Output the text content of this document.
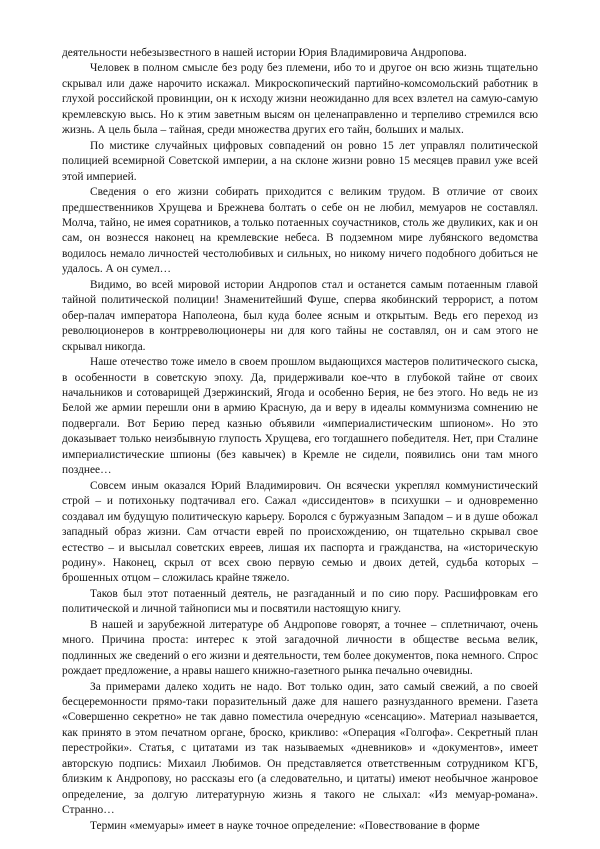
деятельности небезызвестного в нашей истории Юрия Владимировича Андропова.

Человек в полном смысле без роду без племени, ибо то и другое он всю жизнь тщательно скрывал или даже нарочито искажал. Микроскопический партийно-комсомольский работник в глухой российской провинции, он к исходу жизни неожиданно для всех взлетел на самую-самую кремлевскую высь. Но к этим заветным высям он целенаправленно и терпеливо стремился всю жизнь. А цель была – тайная, среди множества других его тайн, больших и малых.

По мистике случайных цифровых совпадений он ровно 15 лет управлял политической полицией всемирной Советской империи, а на склоне жизни ровно 15 месяцев правил уже всей этой империей.

Сведения о его жизни собирать приходится с великим трудом. В отличие от своих предшественников Хрущева и Брежнева болтать о себе он не любил, мемуаров не составлял. Молча, тайно, не имея соратников, а только потаенных соучастников, столь же двуликих, как и он сам, он вознесся наконец на кремлевские небеса. В подземном мире лубянского ведомства водилось немало личностей честолюбивых и сильных, но никому ничего подобного добиться не удалось. А он сумел…

Видимо, во всей мировой истории Андропов стал и останется самым потаенным главой тайной политической полиции! Знаменитейший Фуше, сперва якобинский террорист, а потом обер-палач императора Наполеона, был куда более ясным и открытым. Ведь его переход из революционеров в контрреволюционеры ни для кого тайны не составлял, он и сам этого не скрывал никогда.

Наше отечество тоже имело в своем прошлом выдающихся мастеров политического сыска, в особенности в советскую эпоху. Да, придерживали кое-что в глубокой тайне от своих начальников и сотоварищей Дзержинский, Ягода и особенно Берия, не без этого. Но ведь не из Белой же армии перешли они в армию Красную, да и веру в идеалы коммунизма сомнению не подвергали. Вот Берию перед казнью объявили «империалистическим шпионом». Но это доказывает только неизбывную глупость Хрущева, его тогдашнего победителя. Нет, при Сталине империалистические шпионы (без кавычек) в Кремле не сидели, появились они там много позднее…

Совсем иным оказался Юрий Владимирович. Он всячески укреплял коммунистический строй – и потихоньку подтачивал его. Сажал «диссидентов» в психушки – и одновременно создавал им будущую политическую карьеру. Боролся с буржуазным Западом – и в душе обожал западный образ жизни. Сам отчасти еврей по происхождению, он тщательно скрывал свое естество – и высылал советских евреев, лишая их паспорта и гражданства, на «историческую родину». Наконец, скрыл от всех свою первую семью и двоих детей, судьба которых – брошенных отцом – сложилась крайне тяжело.

Таков был этот потаенный деятель, не разгаданный и по сию пору. Расшифровкам его политической и личной тайнописи мы и посвятили настоящую книгу.

В нашей и зарубежной литературе об Андропове говорят, а точнее – сплетничают, очень много. Причина проста: интерес к этой загадочной личности в обществе весьма велик, подлинных же сведений о его жизни и деятельности, тем более документов, пока немного. Спрос рождает предложение, а нравы нашего книжно-газетного рынка печально очевидны.

За примерами далеко ходить не надо. Вот только один, зато самый свежий, а по своей бесцеремонности прямо-таки поразительный даже для нашего разнузданного времени. Газета «Совершенно секретно» не так давно поместила очередную «сенсацию». Материал называется, как принято в этом печатном органе, броско, крикливо: «Операция «Голгофа». Секретный план перестройки». Статья, с цитатами из так называемых «дневников» и «документов», имеет авторскую подпись: Михаил Любимов. Он представляется ответственным сотрудником КГБ, близким к Андропову, но рассказы его (а следовательно, и цитаты) имеют необычное жанровое определение, за долгую литературную жизнь я такого не слыхал: «Из мемуар-романа». Странно…

Термин «мемуары» имеет в науке точное определение: «Повествование в форме
